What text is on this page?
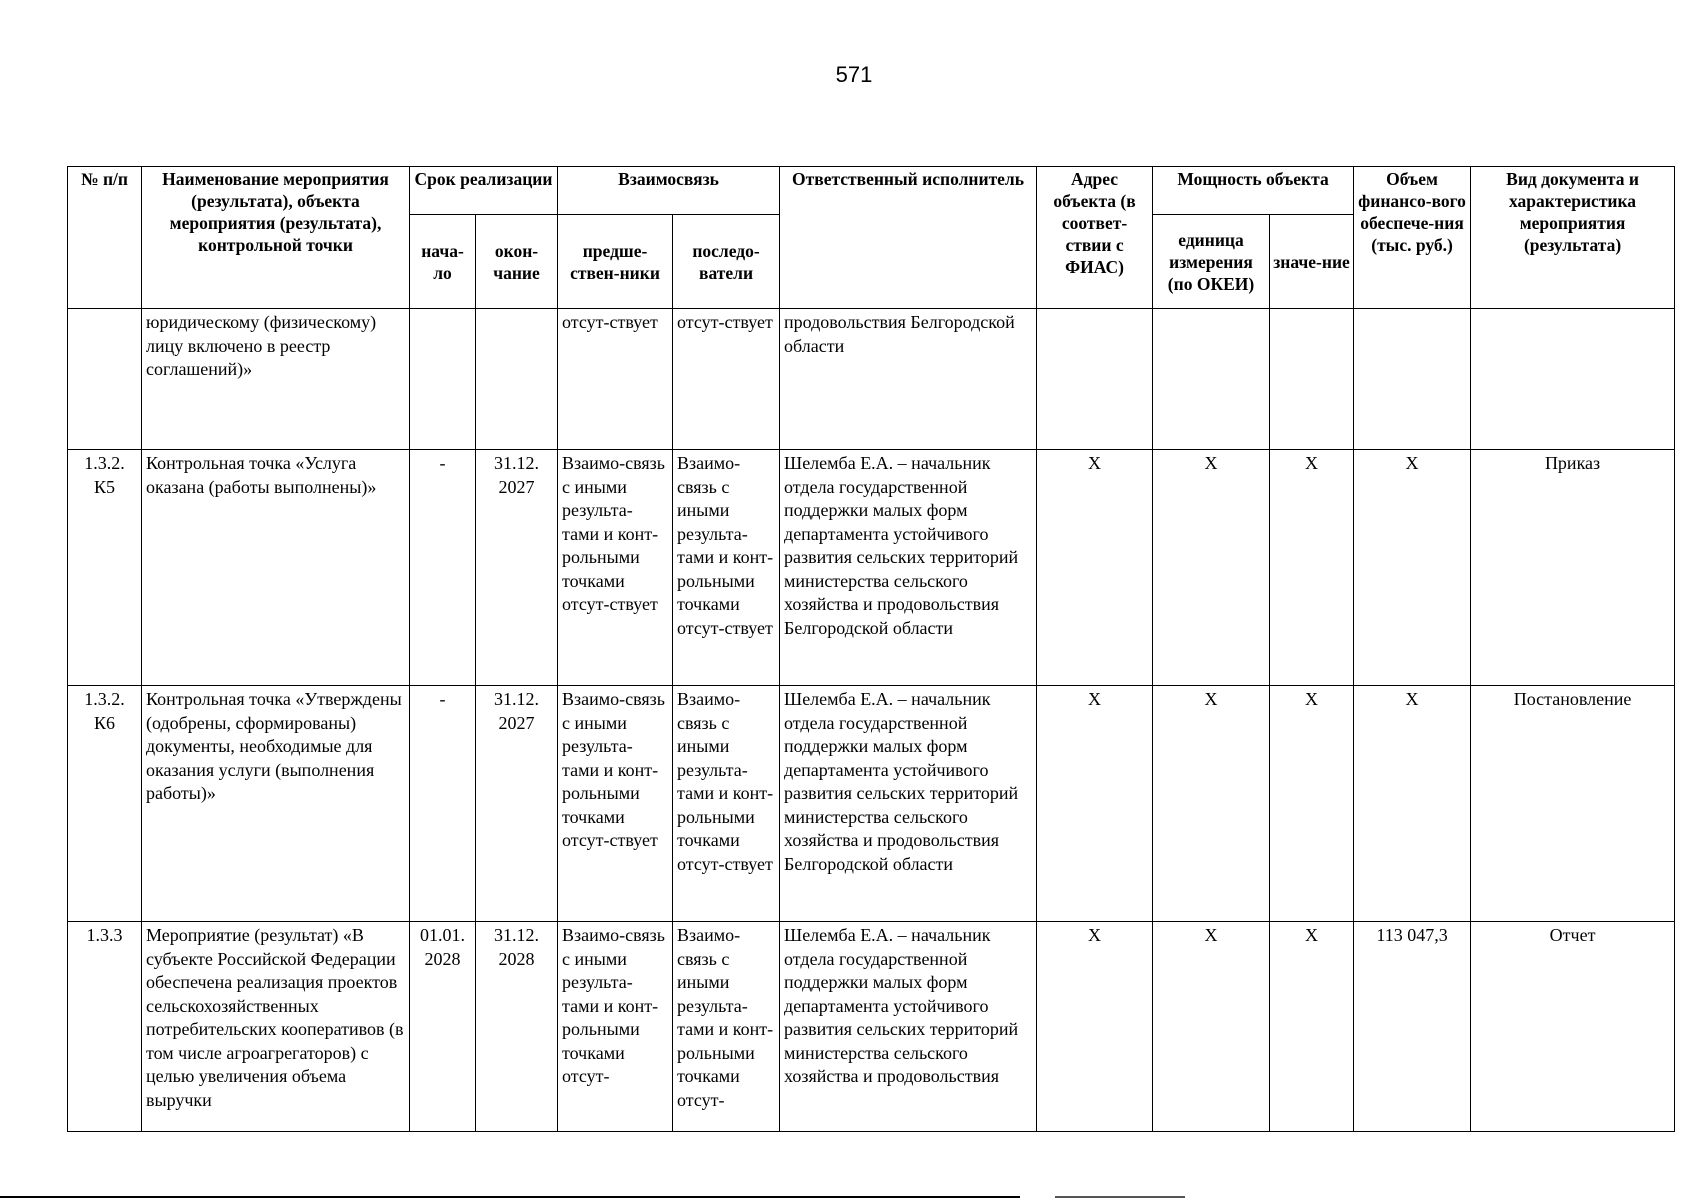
571
№ п/п	Наименование мероприятия (результата), объекта мероприятия (результата), контрольной точки	Срок реализации		Взаимосвязь		Ответственный исполнитель	Адрес объекта (в соответ-ствии с ФИАС)	Мощность объекта		Объем финансо-вого обеспече-ния (тыс. руб.)	Вид документа и характеристика мероприятия (результата)
		нача-ло	окон-чание	предше-ствен-ники	последо-ватели			единица измерения (по ОКЕИ)	значе-ние		
	юридическому (физическому) лицу включено в реестр соглашений)»			отсут-ствует	отсут-ствует	продовольствия Белгородской области					
1.3.2. К5	Контрольная точка «Услуга оказана (работы выполнены)»	-	31.12. 2027	Взаимо-связь с иными результа-тами и конт-рольными точками отсут-ствует	Взаимо-связь с иными результа-тами и конт-рольными точками отсут-ствует	Шелемба Е.А. – начальник отдела государственной поддержки малых форм департамента устойчивого развития сельских территорий министерства сельского хозяйства и продовольствия Белгородской области	X	X	X	X	Приказ
1.3.2. К6	Контрольная точка «Утверждены (одобрены, сформированы) документы, необходимые для оказания услуги (выполнения работы)»	-	31.12. 2027	Взаимо-связь с иными результа-тами и конт-рольными точками отсут-ствует	Взаимо-связь с иными результа-тами и конт-рольными точками отсут-ствует	Шелемба Е.А. – начальник отдела государственной поддержки малых форм департамента устойчивого развития сельских территорий министерства сельского хозяйства и продовольствия Белгородской области	X	X	X	X	Постановление
1.3.3	Мероприятие (результат) «В субъекте Российской Федерации обеспечена реализация проектов сельскохозяйственных потребительских кооперативов (в том числе агроагрегаторов) с целью увеличения объема выручки	01.01. 2028	31.12. 2028	Взаимо-связь с иными результа-тами и конт-рольными точками отсут-	Взаимо-связь с иными результа-тами и конт-рольными точками отсут-	Шелемба Е.А. – начальник отдела государственной поддержки малых форм департамента устойчивого развития сельских территорий министерства сельского хозяйства и продовольствия	X	X	X	113 047,3	Отчет
